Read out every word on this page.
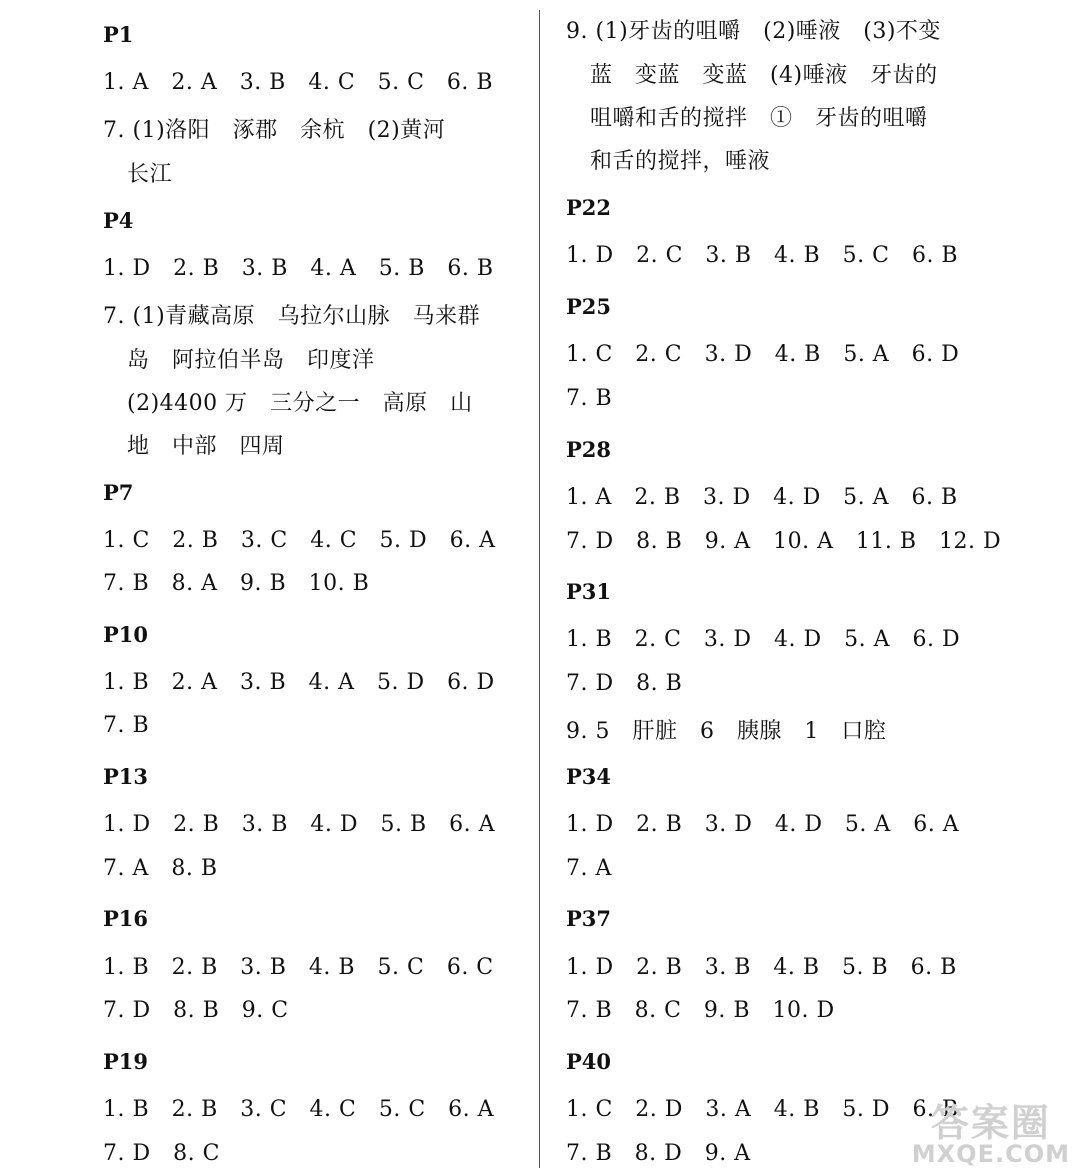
P1
1. A   2. A   3. B   4. C   5. C   6. B
7. (1)洛阳   涿郡   余杭   (2)黄河
长江
P4
1. D   2. B   3. B   4. A   5. B   6. B
7. (1)青藏高原   乌拉尔山脉   马来群
岛   阿拉伯半岛   印度洋
(2)4400 万   三分之一   高原   山
地   中部   四周
P7
1. C   2. B   3. C   4. C   5. D   6. A
7. B   8. A   9. B   10. B
P10
1. B   2. A   3. B   4. A   5. D   6. D
7. B
P13
1. D   2. B   3. B   4. D   5. B   6. A
7. A   8. B
P16
1. B   2. B   3. B   4. B   5. C   6. C
7. D   8. B   9. C
P19
1. B   2. B   3. C   4. C   5. C   6. A
7. D   8. C
9. (1)牙齿的咀嚼   (2)唾液   (3)不变
蓝   变蓝   变蓝   (4)唾液   牙齿的
咀嚼和舌的搅拌   ①   牙齿的咀嚼
和舌的搅拌，唾液
P22
1. D   2. C   3. B   4. B   5. C   6. B
P25
1. C   2. C   3. D   4. B   5. A   6. D
7. B
P28
1. A   2. B   3. D   4. D   5. A   6. B
7. D   8. B   9. A   10. A   11. B   12. D
P31
1. B   2. C   3. D   4. D   5. A   6. D
7. D   8. B
9. 5   肝脏   6   胰腺   1   口腔
P34
1. D   2. B   3. D   4. D   5. A   6. A
7. A
P37
1. D   2. B   3. B   4. B   5. B   6. B
7. B   8. C   9. B   10. D
P40
1. C   2. D   3. A   4. B   5. D   6. B
7. B   8. D   9. A
答案圈
MXQE.COM
